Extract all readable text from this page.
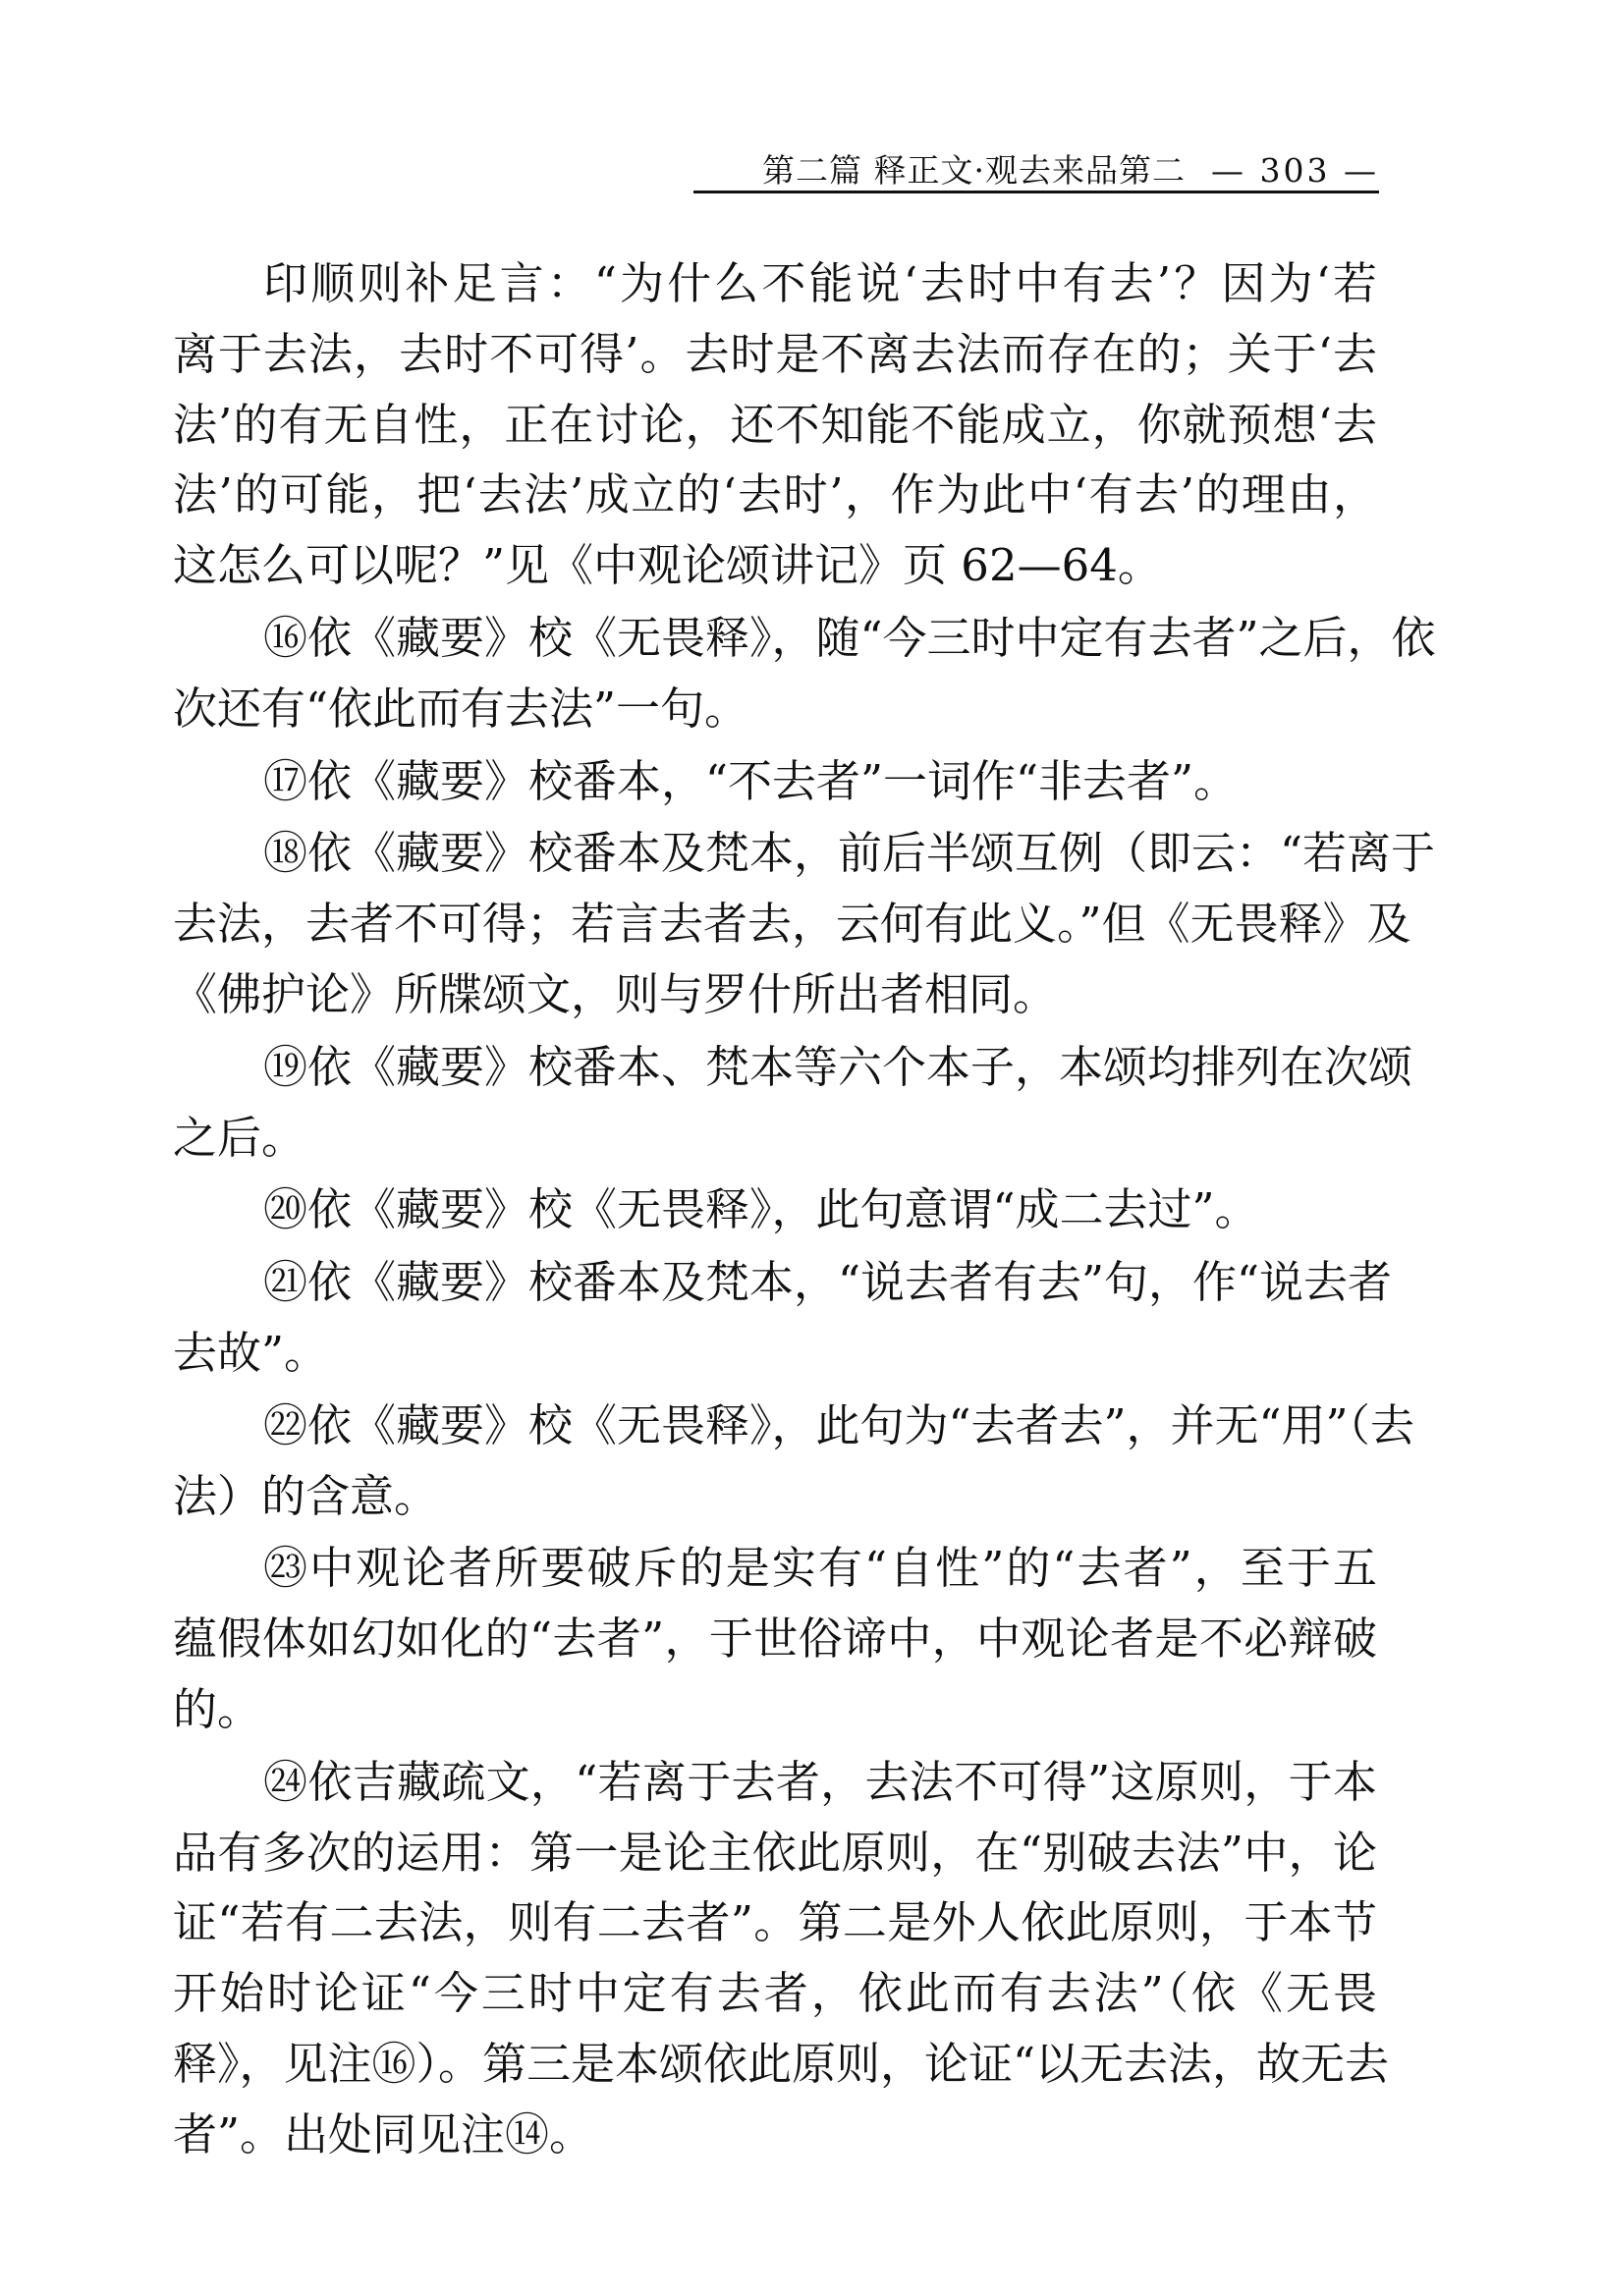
第二篇 释正文·观去来品第二 — 303 —
印顺则补足言：“为什么不能说‘去时中有去’？因为‘若
离于去法，去时不可得’。去时是不离去法而存在的；关于‘去
法’的有无自性，正在讨论，还不知能不能成立，你就预想‘去
法’的可能，把‘去法’成立的‘去时’，作为此中‘有去’的理由，
这怎么可以呢？”见《中观论颂讲记》页 62—64。
⑯依《藏要》校《无畏释》，随“今三时中定有去者”之后，依
次还有“依此而有去法”一句。
⑰依《藏要》校番本，“不去者”一词作“非去者”。
⑱依《藏要》校番本及梵本，前后半颂互例（即云：“若离于
去法，去者不可得；若言去者去，云何有此义。”但《无畏释》及
《佛护论》所牒颂文，则与罗什所出者相同。
⑲依《藏要》校番本、梵本等六个本子，本颂均排列在次颂
之后。
⑳依《藏要》校《无畏释》，此句意谓“成二去过”。
㉑依《藏要》校番本及梵本，“说去者有去”句，作“说去者
去故”。
㉒依《藏要》校《无畏释》，此句为“去者去”，并无“用”（去
法）的含意。
㉓中观论者所要破斥的是实有“自性”的“去者”，至于五
蕴假体如幻如化的“去者”，于世俗谛中，中观论者是不必辩破
的。
㉔依吉藏疏文，“若离于去者，去法不可得”这原则，于本
品有多次的运用：第一是论主依此原则，在“别破去法”中，论
证“若有二去法，则有二去者”。第二是外人依此原则，于本节
开始时论证“今三时中定有去者，依此而有去法”（依《无畏
释》，见注⑯）。第三是本颂依此原则，论证“以无去法，故无去
者”。出处同见注⑭。
